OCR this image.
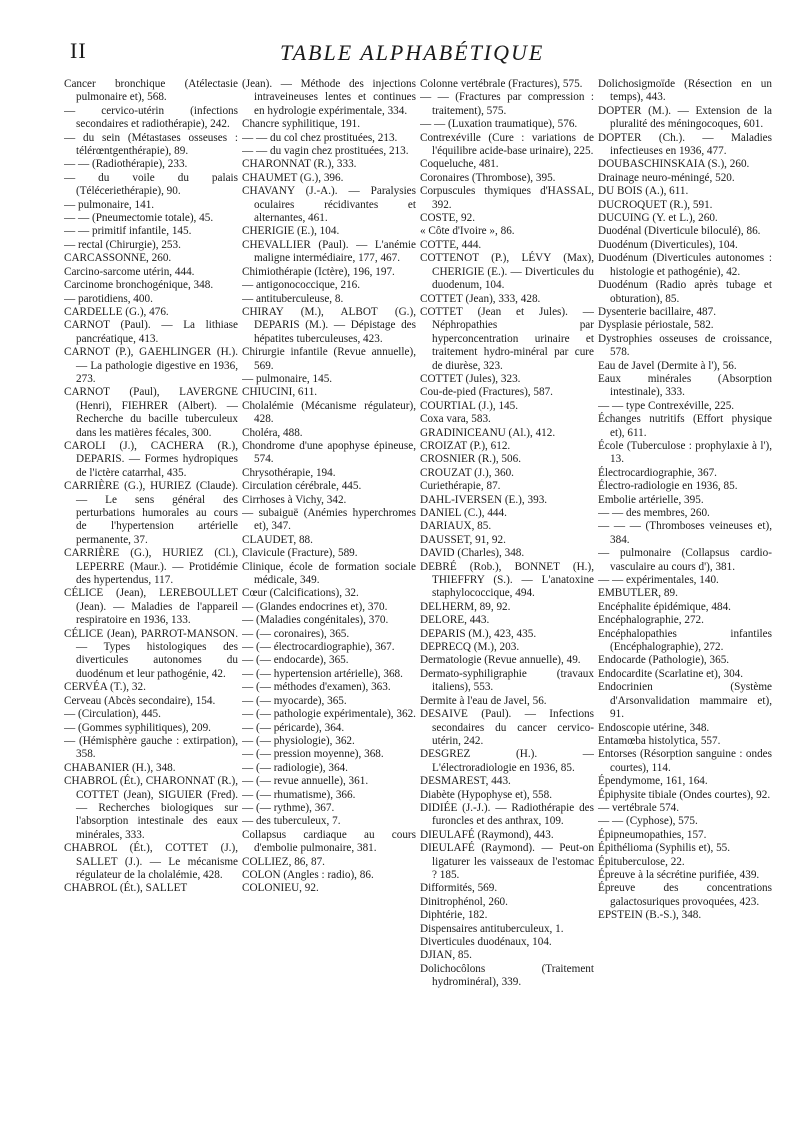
II	TABLE ALPHABÉTIQUE

Cancer bronchique (Atélectasie pulmonaire et), 568.

— cervico-utérin (infections secondaires et radiothérapie), 242.

— du sein (Métastases osseuses : télérœntgenthérapie), 89.

— — (Radiothérapie), 233.

— du voile du palais (Téléceriethérapie), 90.

— pulmonaire, 141.

— — (Pneumectomie totale), 45.

— — primitif infantile, 145.

— rectal (Chirurgie), 253.

CARCASSONNE, 260.

Carcino-sarcome utérin, 444.

Carcinome bronchogénique, 348.

— parotidiens, 400.

CARDELLE (G.), 476.

CARNOT (Paul). — La lithiase pancréatique, 413.

CARNOT (P.), GAEHLINGER (H.). — La pathologie digestive en 1936, 273.

CARNOT (Paul), LAVERGNE (Henri), FIEHRER (Albert). — Recherche du bacille tuberculeux dans les matières fécales, 300.

CAROLI (J.), CACHERA (R.), DEPARIS. — Formes hydropiques de l'ictère catarrhal, 435.

CARRIÈRE (G.), HURIEZ (Claude). — Le sens général des perturbations humorales au cours de l'hypertension artérielle permanente, 37.

CARRIÈRE (G.), HURIEZ (Cl.), LEPERRE (Maur.). — Protidémie des hypertendus, 117.

CÉLICE (Jean), LEREBOULLET (Jean). — Maladies de l'appareil respiratoire en 1936, 133.

CÉLICE (Jean), PARROT-MANSON. — Types histologiques des diverticules autonomes du duodénum et leur pathogénie, 42.

CERVÉA (T.), 32.

Cerveau (Abcès secondaire), 154.

— (Circulation), 445.

— (Gommes syphilitiques), 209.

— (Hémisphère gauche : extirpation), 358.

CHABANIER (H.), 348.

CHABROL (Ét.), CHARONNAT (R.), COTTET (Jean), SIGUIER (Fred). — Recherches biologiques sur l'absorption intestinale des eaux minérales, 333.

CHABROL (Ét.), COTTET (J.), SALLET (J.). — Le mécanisme régulateur de la cholalémie, 428.

CHABROL (Ét.), SALLET

(Jean). — Méthode des injections intraveineuses lentes et continues en hydrologie expérimentale, 334.

Chancre syphilitique, 191.

— — du col chez prostituées, 213.

— — du vagin chez prostituées, 213.

CHARONNAT (R.), 333.

CHAUMET (G.), 396.

CHAVANY (J.-A.). — Paralysies oculaires récidivantes et alternantes, 461.

CHERIGIE (E.), 104.

CHEVALLIER (Paul). — L'anémie maligne intermédiaire, 177, 467.

Chimiothérapie (Ictère), 196, 197.

— antigonococcique, 216.

— antituberculeuse, 8.

CHIRAY (M.), ALBOT (G.), DEPARIS (M.). — Dépistage des hépatites tuberculeuses, 423.

Chirurgie infantile (Revue annuelle), 569.

— pulmonaire, 145.

CHIUCINI, 611.

Cholalémie (Mécanisme régulateur), 428.

Choléra, 488.

Chondrome d'une apophyse épineuse, 574.

Chrysothérapie, 194.

Circulation cérébrale, 445.

Cirrhoses à Vichy, 342.

— subaiguë (Anémies hyperchromes et), 347.

CLAUDET, 88.

Clavicule (Fracture), 589.

Clinique, école de formation sociale médicale, 349.

Cœur (Calcifications), 32.

— (Glandes endocrines et), 370.

— (Maladies congénitales), 370.

— (— coronaires), 365.

— (— électrocardiographie), 367.

— (— endocarde), 365.

— (— hypertension artérielle), 368.

— (— méthodes d'examen), 363.

— (— myocarde), 365.

— (— pathologie expérimentale), 362.

— (— péricarde), 364.

— (— physiologie), 362.

— (— pression moyenne), 368.

— (— radiologie), 364.

— (— revue annuelle), 361.

— (— rhumatisme), 366.

— (— rythme), 367.

— des tuberculeux, 7.

Collapsus cardiaque au cours d'embolie pulmonaire, 381.

COLLIEZ, 86, 87.

COLON (Angles : radio), 86.

COLONIEU, 92.

Colonne vertébrale (Fractures), 575.

— — (Fractures par compression : traitement), 575.

— — (Luxation traumatique), 576.

Contrexéville (Cure : variations de l'équilibre acide-base urinaire), 225.

Coqueluche, 481.

Coronaires (Thrombose), 395.

Corpuscules thymiques d'HASSAL, 392.

COSTE, 92.

« Côte d'Ivoire », 86.

COTTE, 444.

COTTENOT (P.), LÉVY (Max), CHERIGIE (E.). — Diverticules du duodenum, 104.

COTTET (Jean), 333, 428.

COTTET (Jean et Jules). — Néphropathies par hyperconcentration urinaire et traitement hydro-minéral par cure de diurèse, 323.

COTTET (Jules), 323.

Cou-de-pied (Fractures), 587.

COURTIAL (J.), 145.

Coxa vara, 583.

GRADINICEANU (Al.), 412.

CROIZAT (P.), 612.

CROSNIER (R.), 506.

CROUZAT (J.), 360.

Curiethérapie, 87.

DAHL-IVERSEN (E.), 393.

DANIEL (C.), 444.

DARIAUX, 85.

DAUSSET, 91, 92.

DAVID (Charles), 348.

DEBRÉ (Rob.), BONNET (H.), THIEFFRY (S.). — L'anatoxine staphylococcique, 494.

DELHERM, 89, 92.

DELORE, 443.

DEPARIS (M.), 423, 435.

DEPRECQ (M.), 203.

Dermatologie (Revue annuelle), 49.

Dermato-syphiligraphie (travaux italiens), 553.

Dermite à l'eau de Javel, 56.

DESAIVE (Paul). — Infections secondaires du cancer cervico-utérin, 242.

DESGREZ (H.). — L'électroradiologie en 1936, 85.

DESMAREST, 443.

Diabète (Hypophyse et), 558.

DIDIÉE (J.-J.). — Radiothérapie des furoncles et des anthrax, 109.

DIEULAFÉ (Raymond), 443.

DIEULAFÉ (Raymond). — Peut-on ligaturer les vaisseaux de l'estomac ? 185.

Difformités, 569.

Dinitrophénol, 260.

Diphtérie, 182.

Dispensaires antituberculeux, 1.

Diverticules duodénaux, 104.

DJIAN, 85.

Dolichocôlons (Traitement hydrominéral), 339.

Dolichosigmoïde (Résection en un temps), 443.

DOPTER (M.). — Extension de la pluralité des méningocoques, 601.

DOPTER (Ch.). — Maladies infectieuses en 1936, 477.

DOUBASCHINSKAIA (S.), 260.

Drainage neuro-méningé, 520.

DU BOIS (A.), 611.

DUCROQUET (R.), 591.

DUCUING (Y. et L.), 260.

Duodénal (Diverticule biloculé), 86.

Duodénum (Diverticules), 104.

Duodénum (Diverticules autonomes : histologie et pathogénie), 42.

Duodénum (Radio après tubage et obturation), 85.

Dysenterie bacillaire, 487.

Dysplasie périostale, 582.

Dystrophies osseuses de croissance, 578.

Eau de Javel (Dermite à l'), 56.

Eaux minérales (Absorption intestinale), 333.

— — type Contrexéville, 225.

Échanges nutritifs (Effort physique et), 611.

École (Tuberculose : prophylaxie à l'), 13.

Électrocardiographie, 367.

Électro-radiologie en 1936, 85.

Embolie artérielle, 395.

— — des membres, 260.

— — — (Thromboses veineuses et), 384.

— pulmonaire (Collapsus cardio-vasculaire au cours d'), 381.

— — expérimentales, 140.

EMBUTLER, 89.

Encéphalite épidémique, 484.

Encéphalographie, 272.

Encéphalopathies infantiles (Encéphalographie), 272.

Endocarde (Pathologie), 365.

Endocardite (Scarlatine et), 304.

Endocrinien (Système d'Arsonvalidation mammaire et), 91.

Endoscopie utérine, 348.

Entamœba histolytica, 557.

Entorses (Résorption sanguine : ondes courtes), 114.

Épendymome, 161, 164.

Épiphysite tibiale (Ondes courtes), 92.

— vertébrale 574.

— — (Cyphose), 575.

Épipneumopathies, 157.

Épithélioma (Syphilis et), 55.

Épituberculose, 22.

Épreuve à la sécrétine purifiée, 439.

Épreuve des concentrations galactosuriques provoquées, 423.

EPSTEIN (B.-S.), 348.
